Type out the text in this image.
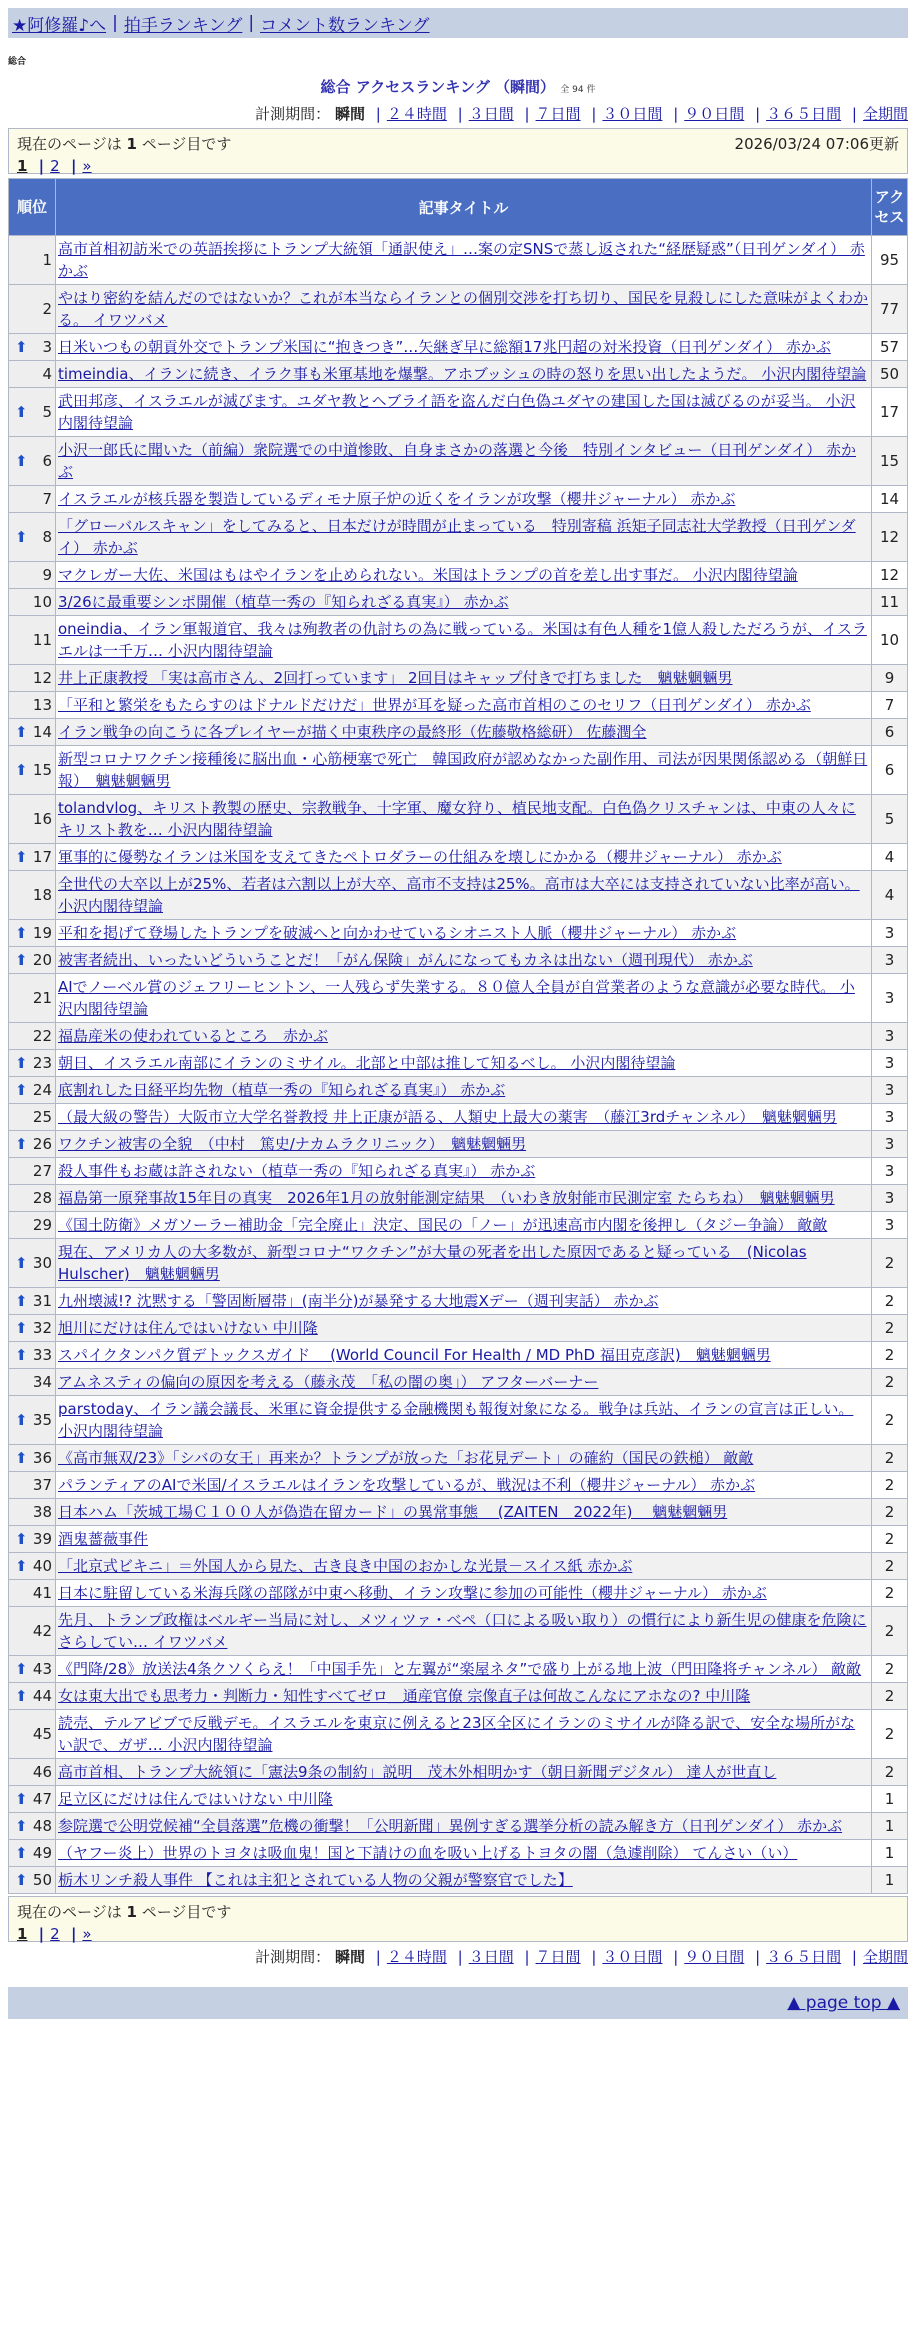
★阿修羅♪へ | 拍手ランキング | コメント数ランキング
総合
総合 アクセスランキング （瞬間） 全 94 件
計測期間： 瞬間 | ２４時間 | ３日間 | ７日間 | ３０日間 | ９０日間 | ３６５日間 | 全期間
現在のページは 1 ページ目です	2026/03/24 07:06更新
1 | 2 | »
順位	記事タイトル	アクセス
1	高市首相初訪米での英語挨拶にトランプ大統領「通訳使え」…案の定SNSで蒸し返された“経歴疑惑”（日刊ゲンダイ） 赤かぶ	95
2	やはり密約を結んだのではないか？これが本当ならイランとの個別交渉を打ち切り、国民を見殺しにした意味がよくわかる。 イワツバメ	77

⬆ 3	日米いつもの朝貢外交でトランプ米国に“抱きつき”…矢継ぎ早に総額17兆円超の対米投資（日刊ゲンダイ） 赤かぶ	57
4	timeindia、イランに続き、イラク事も米軍基地を爆撃。アホブッシュの時の怒りを思い出したようだ。 小沢内閣待望論	50

⬆ 5	武田邦彦、イスラエルが滅びます。ユダヤ教とヘブライ語を盗んだ白色偽ユダヤの建国した国は滅びるのが妥当。 小沢内閣待望論	17

⬆ 6	小沢一郎氏に聞いた（前編）衆院選での中道惨敗、自身まさかの落選と今後　特別インタビュー（日刊ゲンダイ） 赤かぶ	15
7	イスラエルが核兵器を製造しているディモナ原子炉の近くをイランが攻撃（櫻井ジャーナル） 赤かぶ	14

⬆ 8	「グローバルスキャン」をしてみると、日本だけが時間が止まっている　特別寄稿 浜矩子同志社大学教授（日刊ゲンダイ） 赤かぶ	12
9	マクレガー大佐、米国はもはやイランを止められない。米国はトランプの首を差し出す事だ。 小沢内閣待望論	12
10	3/26に最重要シンポ開催（植草一秀の『知られざる真実』） 赤かぶ	11
11	oneindia、イラン軍報道官、我々は殉教者の仇討ちの為に戦っている。米国は有色人種を1億人殺しただろうが、イスラエルは一千万… 小沢内閣待望論	10
12	井上正康教授 「実は高市さん、2回打っています」 2回目はキャップ付きで打ちました　魑魅魍魎男	9
13	「平和と繁栄をもたらすのはドナルドだけだ」世界が耳を疑った高市首相のこのセリフ（日刊ゲンダイ） 赤かぶ	7

⬆ 14	イラン戦争の向こうに各プレイヤーが描く中東秩序の最終形（佐藤敬格総研） 佐藤潤全	6

⬆ 15	新型コロナワクチン接種後に脳出血・心筋梗塞で死亡　韓国政府が認めなかった副作用、司法が因果関係認める（朝鮮日報）　魑魅魍魎男	6
16	tolandvlog、キリスト教製の歴史、宗教戦争、十字軍、魔女狩り、植民地支配。白色偽クリスチャンは、中東の人々にキリスト教を… 小沢内閣待望論	5

⬆ 17	軍事的に優勢なイランは米国を支えてきたペトロダラーの仕組みを壊しにかかる（櫻井ジャーナル） 赤かぶ	4
18	全世代の大卒以上が25%、若者は六割以上が大卒、高市不支持は25%。高市は大卒には支持されていない比率が高い。 小沢内閣待望論	4

⬆ 19	平和を掲げて登場したトランプを破滅へと向かわせているシオニスト人脈（櫻井ジャーナル） 赤かぶ	3

⬆ 20	被害者続出、いったいどういうことだ！「がん保険」がんになってもカネは出ない（週刊現代） 赤かぶ	3
21	AIでノーベル賞のジェフリーヒントン、一人残らず失業する。８０億人全員が自営業者のような意識が必要な時代。 小沢内閣待望論	3
22	福島産米の使われているところ　赤かぶ	3

⬆ 23	朝日、イスラエル南部にイランのミサイル。北部と中部は推して知るべし。 小沢内閣待望論	3

⬆ 24	底割れした日経平均先物（植草一秀の『知られざる真実』） 赤かぶ	3
25	（最大級の警告）大阪市立大学名誉教授 井上正康が語る、人類史上最大の薬害　（藤江3rdチャンネル）　魑魅魍魎男	3

⬆ 26	ワクチン被害の全貌　（中村　篤史/ナカムラクリニック）　魑魅魍魎男	3
27	殺人事件もお蔵は許されない（植草一秀の『知られざる真実』） 赤かぶ	3
28	福島第一原発事故15年目の真実　2026年1月の放射能測定結果　（いわき放射能市民測定室 たらちね）　魑魅魍魎男	3
29	《国土防衛》メガソーラー補助金「完全廃止」決定、国民の「ノー」が迅速高市内閣を後押し（タジー争論） 敵敵	3

⬆ 30	現在、アメリカ人の大多数が、新型コロナ“ワクチン”が大量の死者を出した原因であると疑っている　(Nicolas Hulscher)　魑魅魍魎男	2

⬆ 31	九州壊滅!? 沈黙する「警固断層帯」(南半分)が暴発する大地震Xデー（週刊実話） 赤かぶ	2

⬆ 32	旭川にだけは住んではいけない 中川隆	2

⬆ 33	スパイクタンパク質デトックスガイド　 (World Council For Health / MD PhD 福田克彦訳)　魑魅魍魎男	2
34	アムネスティの偏向の原因を考える（藤永茂　「私の闇の奥」） アフターバーナー	2

⬆ 35	parstoday、イラン議会議長、米軍に資金提供する金融機関も報復対象になる。戦争は兵站、イランの宣言は正しい。 小沢内閣待望論	2

⬆ 36	《高市無双/23》「シバの女王」再来か？トランプが放った「お花見デート」の確約（国民の鉄槌） 敵敵	2
37	パランティアのAIで米国/イスラエルはイランを攻撃しているが、戦況は不利（櫻井ジャーナル） 赤かぶ	2
38	日本ハム「茨城工場Ｃ１００人が偽造在留カード」の異常事態　 (ZAITEN　2022年)　 魑魅魍魎男	2

⬆ 39	酒鬼薔薇事件	2

⬆ 40	「北京式ビキニ」＝外国人から見た、古き良き中国のおかしな光景－スイス紙 赤かぶ	2
41	日本に駐留している米海兵隊の部隊が中東へ移動、イラン攻撃に参加の可能性（櫻井ジャーナル） 赤かぶ	2
42	先月、トランプ政権はベルギー当局に対し、メツィツァ・べペ（口による吸い取り）の慣行により新生児の健康を危険にさらしてい… イワツバメ	2

⬆ 43	《門降/28》放送法4条クソくらえ！「中国手先」と左翼が“楽屋ネタ”で盛り上がる地上波（門田隆将チャンネル） 敵敵	2

⬆ 44	女は東大出でも思考力・判断力・知性すべてゼロ＿通産官僚 宗像直子は何故こんなにアホなの? 中川隆	2
45	読売、テルアビブで反戦デモ。イスラエルを東京に例えると23区全区にイランのミサイルが降る訳で、安全な場所がない訳で、ガザ… 小沢内閣待望論	2
46	高市首相、トランプ大統領に「憲法9条の制約」説明　茂木外相明かす（朝日新聞デジタル） 達人が世直し	2

⬆ 47	足立区にだけは住んではいけない 中川隆	1

⬆ 48	参院選で公明党候補“全員落選”危機の衝撃！「公明新聞」異例すぎる選挙分析の読み解き方（日刊ゲンダイ） 赤かぶ	1

⬆ 49	（ヤフー炎上）世界のトヨタは吸血鬼！国と下請けの血を吸い上げるトヨタの闇（急遽削除） てんさい（い）	1

⬆ 50	栃木リンチ殺人事件 【これは主犯とされている人物の父親が警察官でした】	1
現在のページは 1 ページ目です
1 | 2 | »
計測期間： 瞬間 | ２４時間 | ３日間 | ７日間 | ３０日間 | ９０日間 | ３６５日間 | 全期間
▲ page top ▲
